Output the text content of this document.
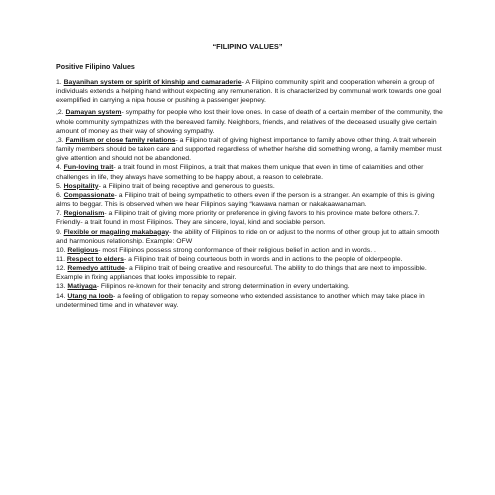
“FILIPINO VALUES”
Positive Filipino Values

1. Bayanihan system or spirit of kinship and camaraderie- A Filipino community spirit and cooperation wherein a group of individuals extends a helping hand without expecting any remuneration. It is characterized by communal work towards one goal exemplified in carrying a nipa house or pushing a passenger jeepney.

,2. Damayan system- sympathy for people who lost their love ones. In case of death of a certain member of the community, the whole community sympathizes with the bereaved family. Neighbors, friends, and relatives of the deceased usually give certain amount of money as their way of showing sympathy.

,3. Familism or close family relations- a Filipino trait of giving highest importance to family above other thing. A trait wherein family members should be taken care and supported regardless of whether he/she did something wrong, a family member must give attention and should not be abandoned.

4. Fun-loving trait- a trait found in most Filipinos, a trait that makes them unique that even in time of calamities and other challenges in life, they always have something to be happy about, a reason to celebrate.

5. Hospitality- a Filipino trait of being receptive and generous to guests.

6. Compassionate- a Filipino trait of being sympathetic to others even if the person is a stranger. An example of this is giving alms to beggar. This is observed when we hear Filipinos saying “kawawa naman or nakakaawanaman.

7. Regionalism- a Filipino trait of giving more priority or preference in giving favors to his province mate before others.7. Friendly- a trait found in most Filipinos. They are sincere, loyal, kind and sociable person.

9. Flexible or magaling makabagay- the ability of Filipinos to ride on or adjust to the norms of other group jut to attain smooth and harmonious relationship. Example: OFW

10. Religious- most Filipinos possess strong conformance of their religious belief in action and in words. .

11. Respect to elders- a Filipino trait of being courteous both in words and in actions to the people of olderpeople.

12. Remedyo attitude- a Filipino trait of being creative and resourceful. The ability to do things that are next to impossible. Example in fixing appliances that looks impossible to repair.

13. Matiyaga- Filipinos re-known for their tenacity and strong determination in every undertaking.

14. Utang na loob- a feeling of obligation to repay someone who extended assistance to another which may take place in undetermined time and in whatever way.
